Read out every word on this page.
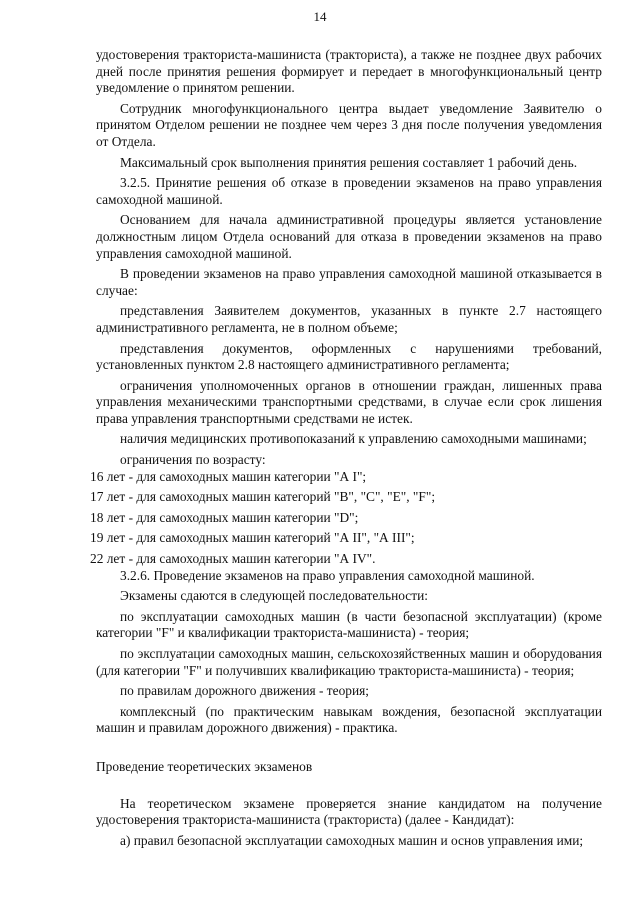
14

удостоверения тракториста-машиниста (тракториста), а также не позднее двух рабочих дней после принятия решения формирует и передает в многофункциональный центр уведомление о принятом решении.

Сотрудник многофункционального центра выдает уведомление Заявителю о принятом Отделом решении не позднее чем через 3 дня после получения уведомления от Отдела.

Максимальный срок выполнения принятия решения составляет 1 рабочий день.

3.2.5. Принятие решения об отказе в проведении экзаменов на право управления самоходной машиной.

Основанием для начала административной процедуры является установление должностным лицом Отдела оснований для отказа в проведении экзаменов на право управления самоходной машиной.

В проведении экзаменов на право управления самоходной машиной отказывается в случае:

представления Заявителем документов, указанных в пункте 2.7 настоящего административного регламента, не в полном объеме;

представления документов, оформленных с нарушениями требований, установленных пунктом 2.8 настоящего административного регламента;

ограничения уполномоченных органов в отношении граждан, лишенных права управления механическими транспортными средствами, в случае если срок лишения права управления транспортными средствами не истек.

наличия медицинских противопоказаний к управлению самоходными машинами;

ограничения по возрасту:

16 лет - для самоходных машин категории "А I";

17 лет - для самоходных машин категорий "В", "С", "Е", "F";

18 лет - для самоходных машин категории "D";

19 лет - для самоходных машин категорий "А II", "А III";

22 лет - для самоходных машин категории "А IV".

3.2.6. Проведение экзаменов на право управления самоходной машиной.

Экзамены сдаются в следующей последовательности:

по эксплуатации самоходных машин (в части безопасной эксплуатации) (кроме категории "F" и квалификации тракториста-машиниста) - теория;

по эксплуатации самоходных машин, сельскохозяйственных машин и оборудования (для категории "F" и получивших квалификацию тракториста-машиниста) - теория;

по правилам дорожного движения - теория;

комплексный (по практическим навыкам вождения, безопасной эксплуатации машин и правилам дорожного движения) - практика.

Проведение теоретических экзаменов

На теоретическом экзамене проверяется знание кандидатом на получение удостоверения тракториста-машиниста (тракториста) (далее - Кандидат):

а) правил безопасной эксплуатации самоходных машин и основ управления ими;
